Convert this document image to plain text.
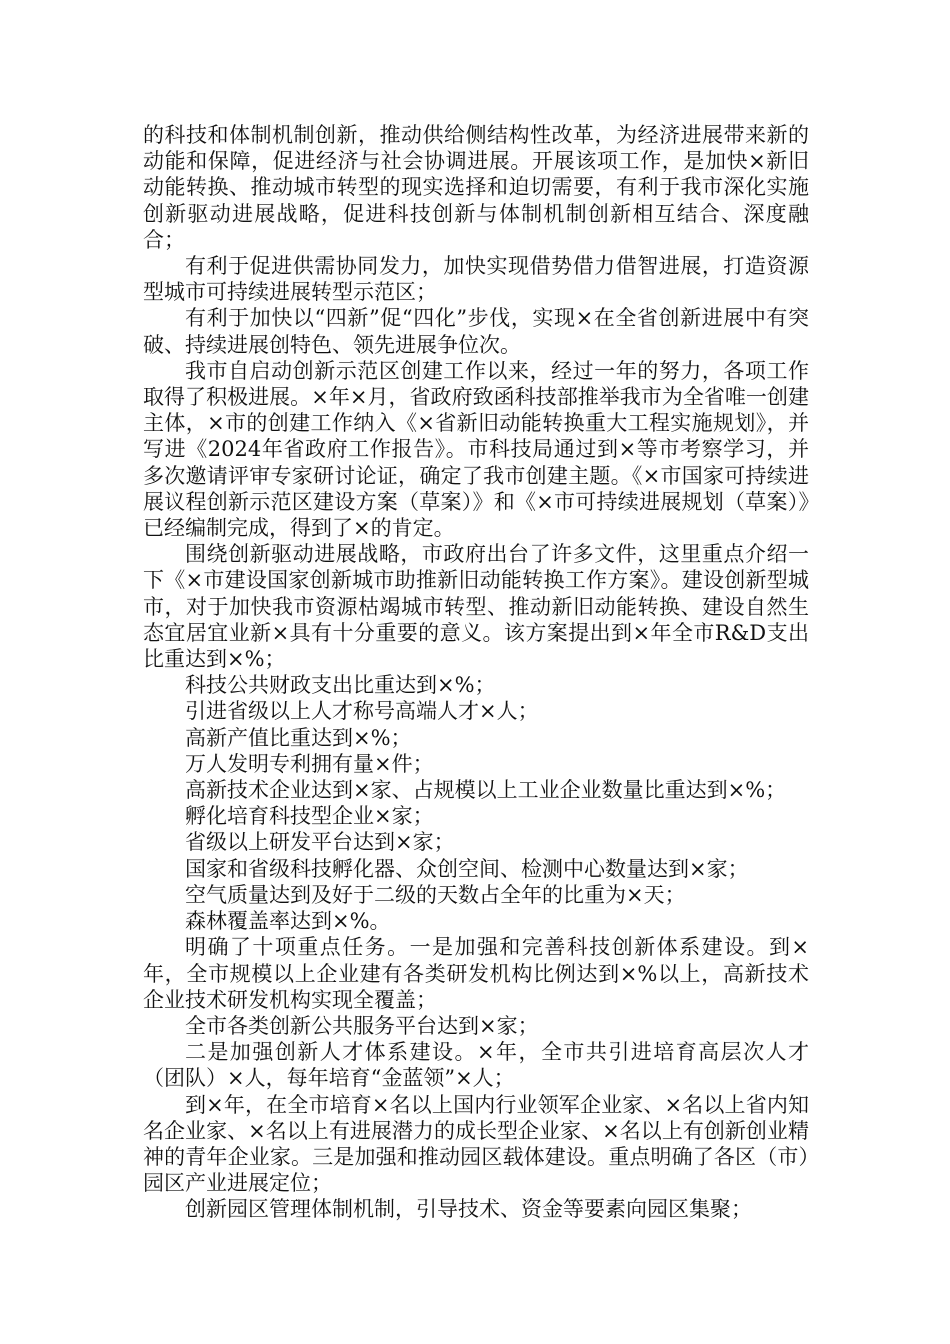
的科技和体制机制创新，推动供给侧结构性改革，为经济进展带来新的动能和保障，促进经济与社会协调进展。开展该项工作，是加快×新旧动能转换、推动城市转型的现实选择和迫切需要，有利于我市深化实施创新驱动进展战略，促进科技创新与体制机制创新相互结合、深度融合；

有利于促进供需协同发力，加快实现借势借力借智进展，打造资源型城市可持续进展转型示范区；

有利于加快以“四新”促“四化”步伐，实现×在全省创新进展中有突破、持续进展创特色、领先进展争位次。

我市自启动创新示范区创建工作以来，经过一年的努力，各项工作取得了积极进展。×年×月，省政府致函科技部推举我市为全省唯一创建主体，×市的创建工作纳入《×省新旧动能转换重大工程实施规划》，并写进《2024年省政府工作报告》。市科技局通过到×等市考察学习，并多次邀请评审专家研讨论证，确定了我市创建主题。《×市国家可持续进展议程创新示范区建设方案（草案）》和《×市可持续进展规划（草案）》已经编制完成，得到了×的肯定。

围绕创新驱动进展战略，市政府出台了许多文件，这里重点介绍一下《×市建设国家创新城市助推新旧动能转换工作方案》。建设创新型城市，对于加快我市资源枯竭城市转型、推动新旧动能转换、建设自然生态宜居宜业新×具有十分重要的意义。该方案提出到×年全市R&D支出比重达到×%；

科技公共财政支出比重达到×%；

引进省级以上人才称号高端人才×人；

高新产值比重达到×%；

万人发明专利拥有量×件；

高新技术企业达到×家、占规模以上工业企业数量比重达到×%；

孵化培育科技型企业×家；

省级以上研发平台达到×家；

国家和省级科技孵化器、众创空间、检测中心数量达到×家；

空气质量达到及好于二级的天数占全年的比重为×天；

森林覆盖率达到×%。

明确了十项重点任务。一是加强和完善科技创新体系建设。到×年，全市规模以上企业建有各类研发机构比例达到×%以上，高新技术企业技术研发机构实现全覆盖；

全市各类创新公共服务平台达到×家；

二是加强创新人才体系建设。×年，全市共引进培育高层次人才（团队）×人，每年培育“金蓝领”×人；

到×年，在全市培育×名以上国内行业领军企业家、×名以上省内知名企业家、×名以上有进展潜力的成长型企业家、×名以上有创新创业精神的青年企业家。三是加强和推动园区载体建设。重点明确了各区（市）园区产业进展定位；

创新园区管理体制机制，引导技术、资金等要素向园区集聚；
